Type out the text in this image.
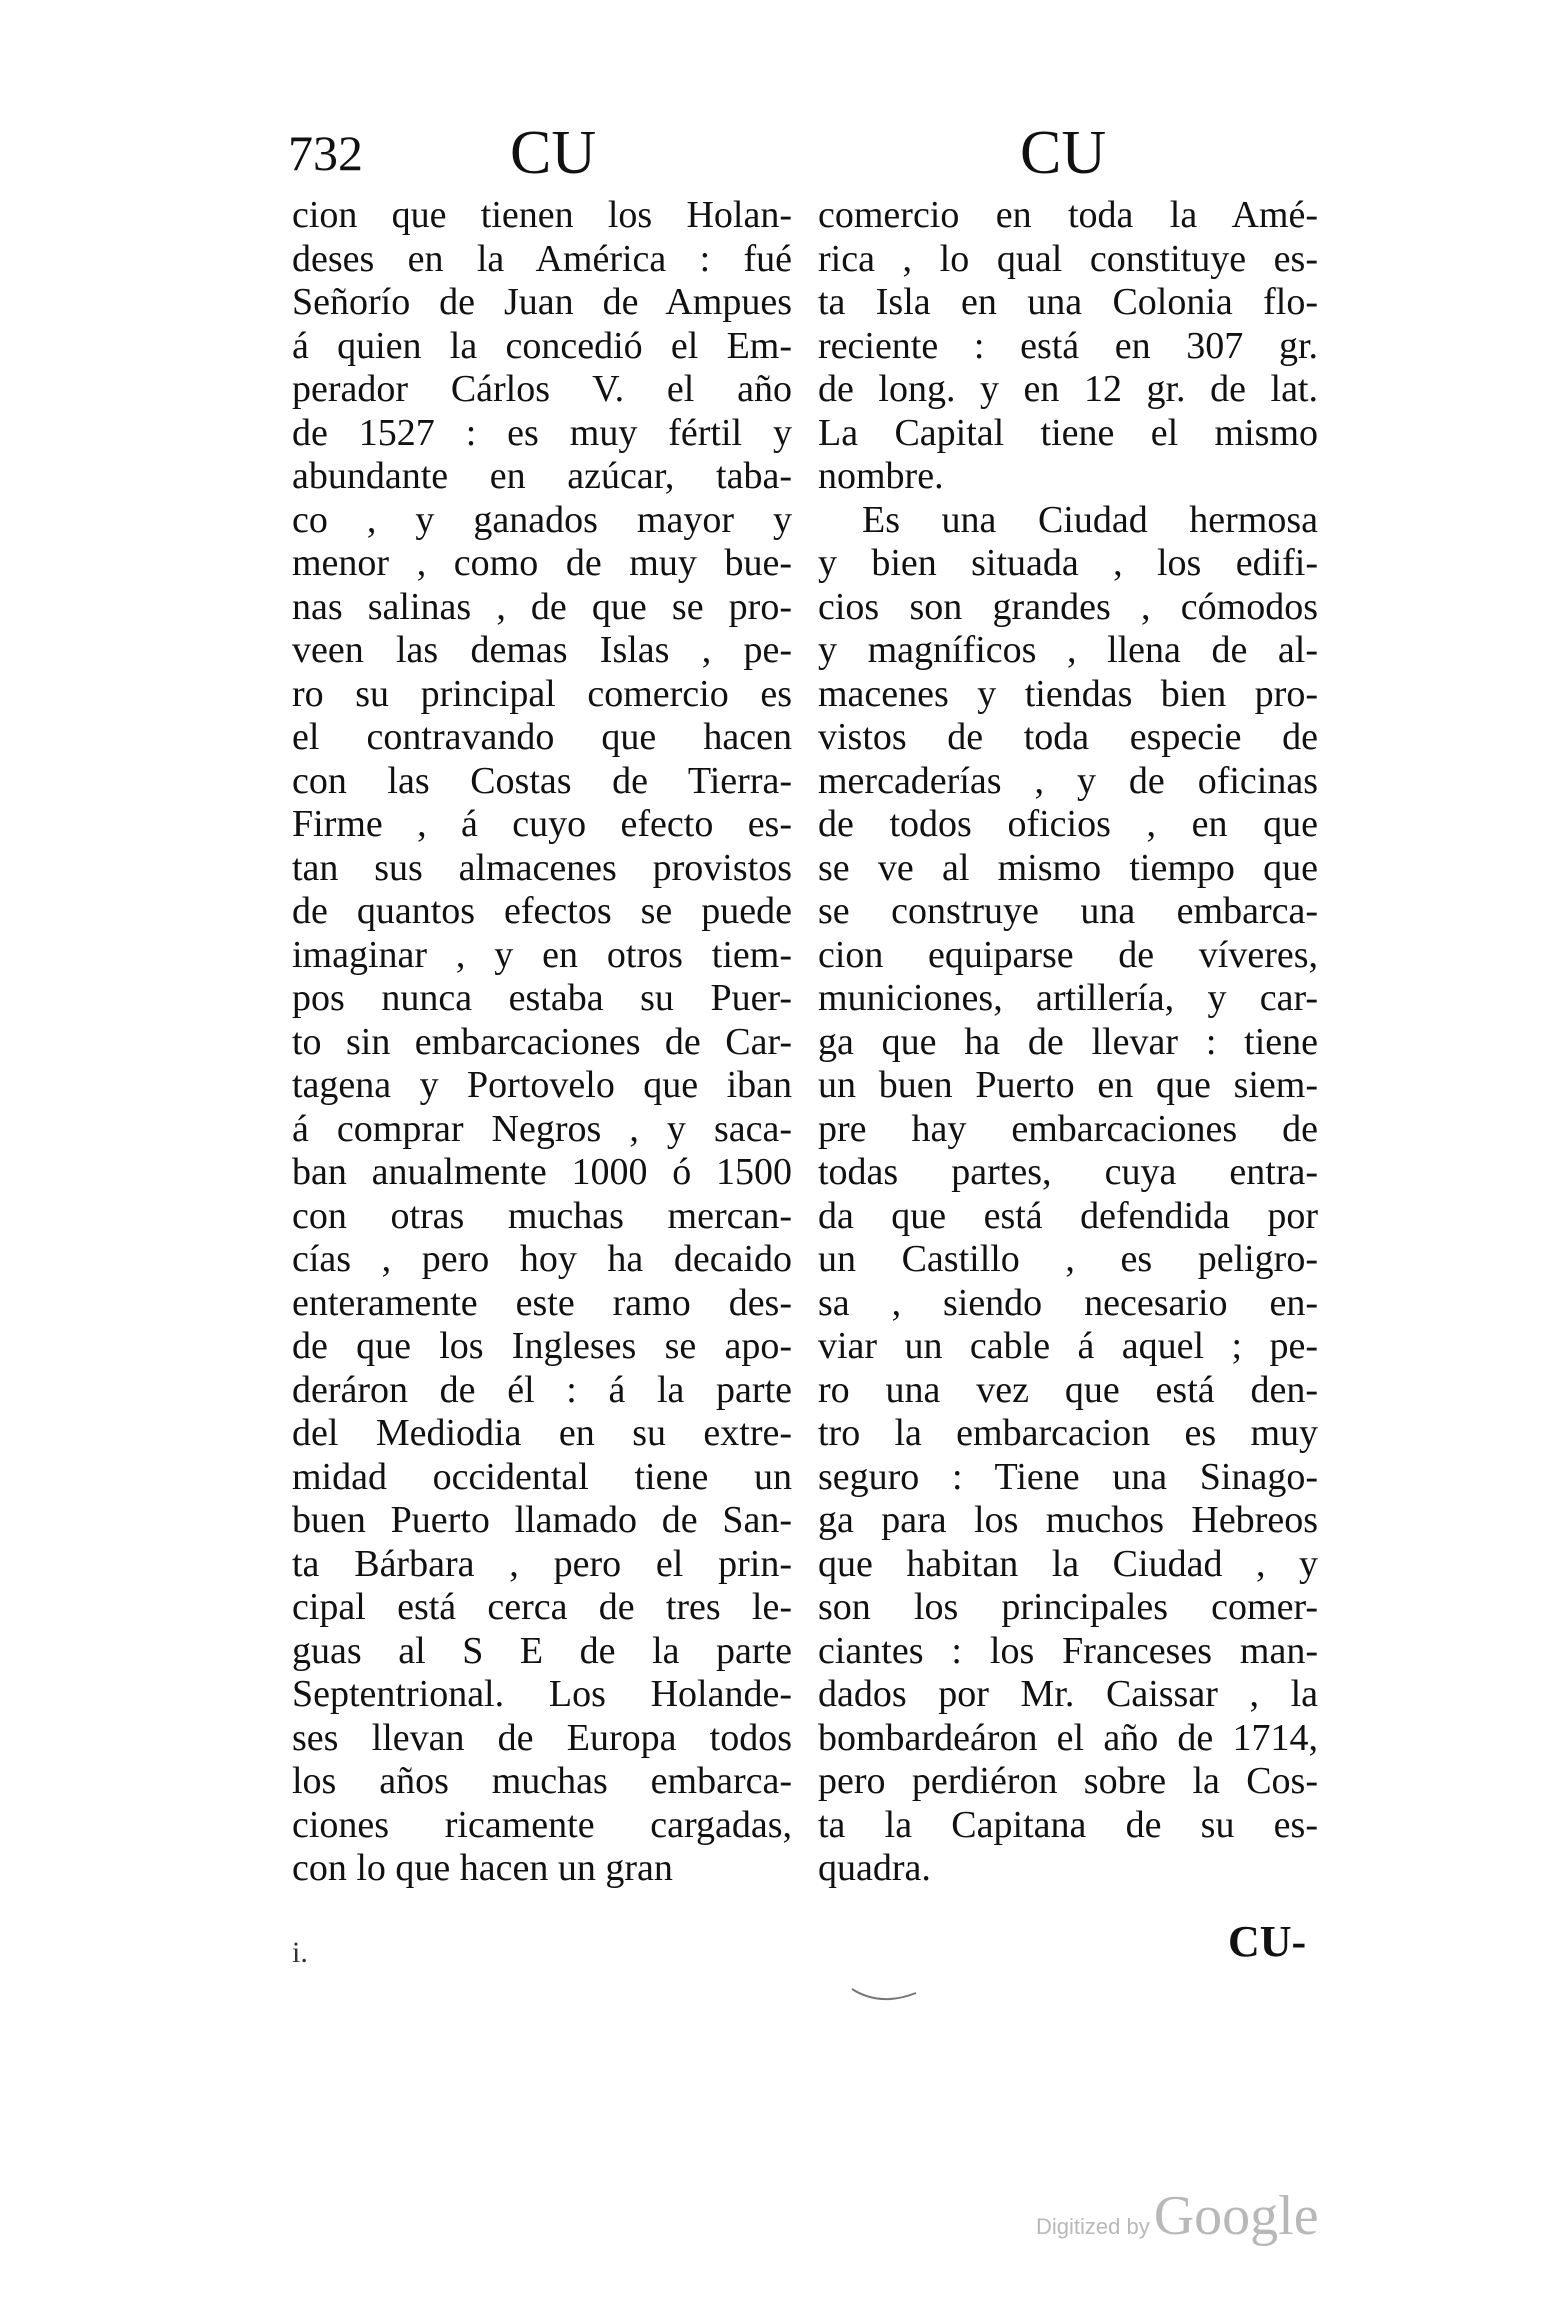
732 CU	CU
cion que tienen los Holan-
deses en la América : fué
Señorío de Juan de Ampues
á quien la concedió el Em-
perador Cárlos V. el año
de 1527 : es muy fértil y
abundante en azúcar, taba-
co , y ganados mayor y
menor , como de muy bue-
nas salinas , de que se pro-
veen las demas Islas , pe-
ro su principal comercio es
el contravando que hacen
con las Costas de Tierra-
Firme , á cuyo efecto es-
tan sus almacenes provistos
de quantos efectos se puede
imaginar , y en otros tiem-
pos nunca estaba su Puer-
to sin embarcaciones de Car-
tagena y Portovelo que iban
á comprar Negros , y saca-
ban anualmente 1000 ó 1500
con otras muchas mercan-
cías , pero hoy ha decaido
enteramente este ramo des-
de que los Ingleses se apo-
deráron de él : á la parte
del Mediodia en su extre-
midad occidental tiene un
buen Puerto llamado de San-
ta Bárbara , pero el prin-
cipal está cerca de tres le-
guas al S E de la parte
Septentrional. Los Holande-
ses llevan de Europa todos
los años muchas embarca-
ciones ricamente cargadas,
con lo que hacen un gran
comercio en toda la Amé-
rica , lo qual constituye es-
ta Isla en una Colonia flo-
reciente : está en 307 gr.
de long. y en 12 gr. de lat.
La Capital tiene el mismo
nombre.
Es una Ciudad hermosa
y bien situada , los edifi-
cios son grandes , cómodos
y magníficos , llena de al-
macenes y tiendas bien pro-
vistos de toda especie de
mercaderías , y de oficinas
de todos oficios , en que
se ve al mismo tiempo que
se construye una embarca-
cion equiparse de víveres,
municiones, artillería, y car-
ga que ha de llevar : tiene
un buen Puerto en que siem-
pre hay embarcaciones de
todas partes, cuya entra-
da que está defendida por
un Castillo , es peligro-
sa , siendo necesario en-
viar un cable á aquel ; pe-
ro una vez que está den-
tro la embarcacion es muy
seguro : Tiene una Sinago-
ga para los muchos Hebreos
que habitan la Ciudad , y
son los principales comer-
ciantes : los Franceses man-
dados por Mr. Caissar , la
bombardeáron el año de 1714,
pero perdiéron sobre la Cos-
ta la Capitana de su es-
quadra.
i.	CU-
Digitized by Google
